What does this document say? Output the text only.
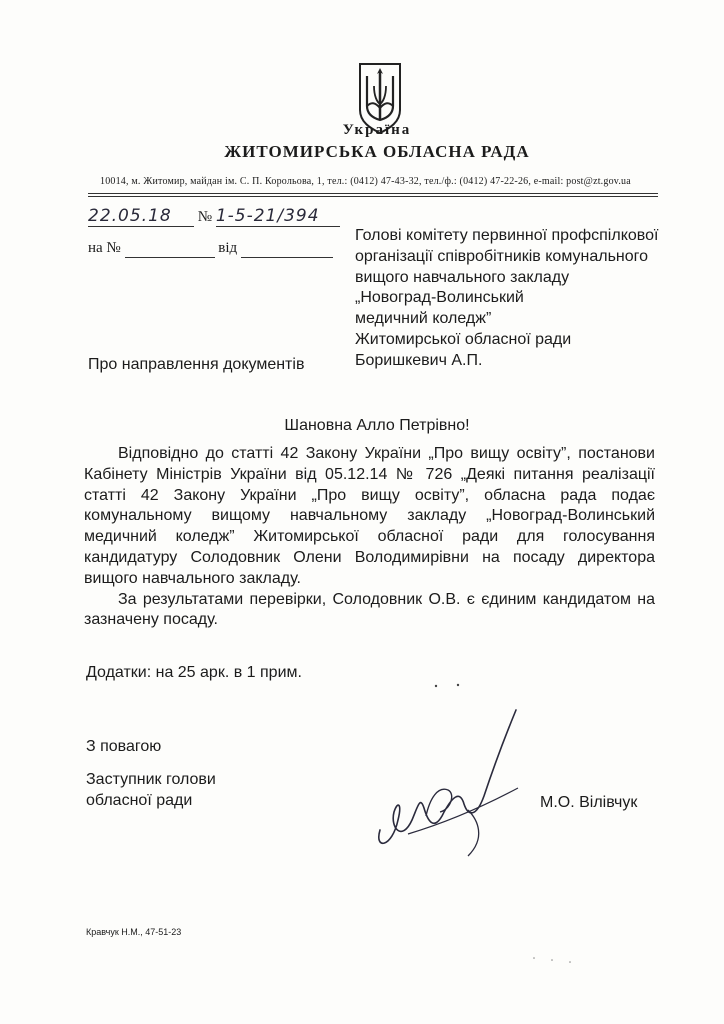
Україна
ЖИТОМИРСЬКА ОБЛАСНА РАДА
10014, м. Житомир, майдан ім. С. П. Корольова, 1, тел.: (0412) 47-43-32, тел./ф.: (0412) 47-22-26, e-mail: post@zt.gov.ua
22.05.18 № 1-5-21/394
на №	від
Голові комітету первинної профспілкової
організації співробітників комунального
вищого навчального закладу
„Новоград-Волинський
медичний коледж”
Житомирської обласної ради
Боришкевич А.П.
Про направлення документів
Шановна Алло Петрівно!

Відповідно до статті 42 Закону України „Про вищу освіту”, постанови Кабінету Міністрів України від 05.12.14 № 726 „Деякі питання реалізації статті 42 Закону України „Про вищу освіту”, обласна рада подає комунальному вищому навчальному закладу „Новоград-Волинський медичний коледж” Житомирської обласної ради для голосування кандидатуру Солодовник Олени Володимирівни на посаду директора вищого навчального закладу.

За результатами перевірки, Солодовник О.В. є єдиним кандидатом на зазначену посаду.

Додатки: на 25 арк. в 1 прим.
З повагою
Заступник голови
обласної ради	М.О. Вілівчук
Кравчук Н.М., 47-51-23
